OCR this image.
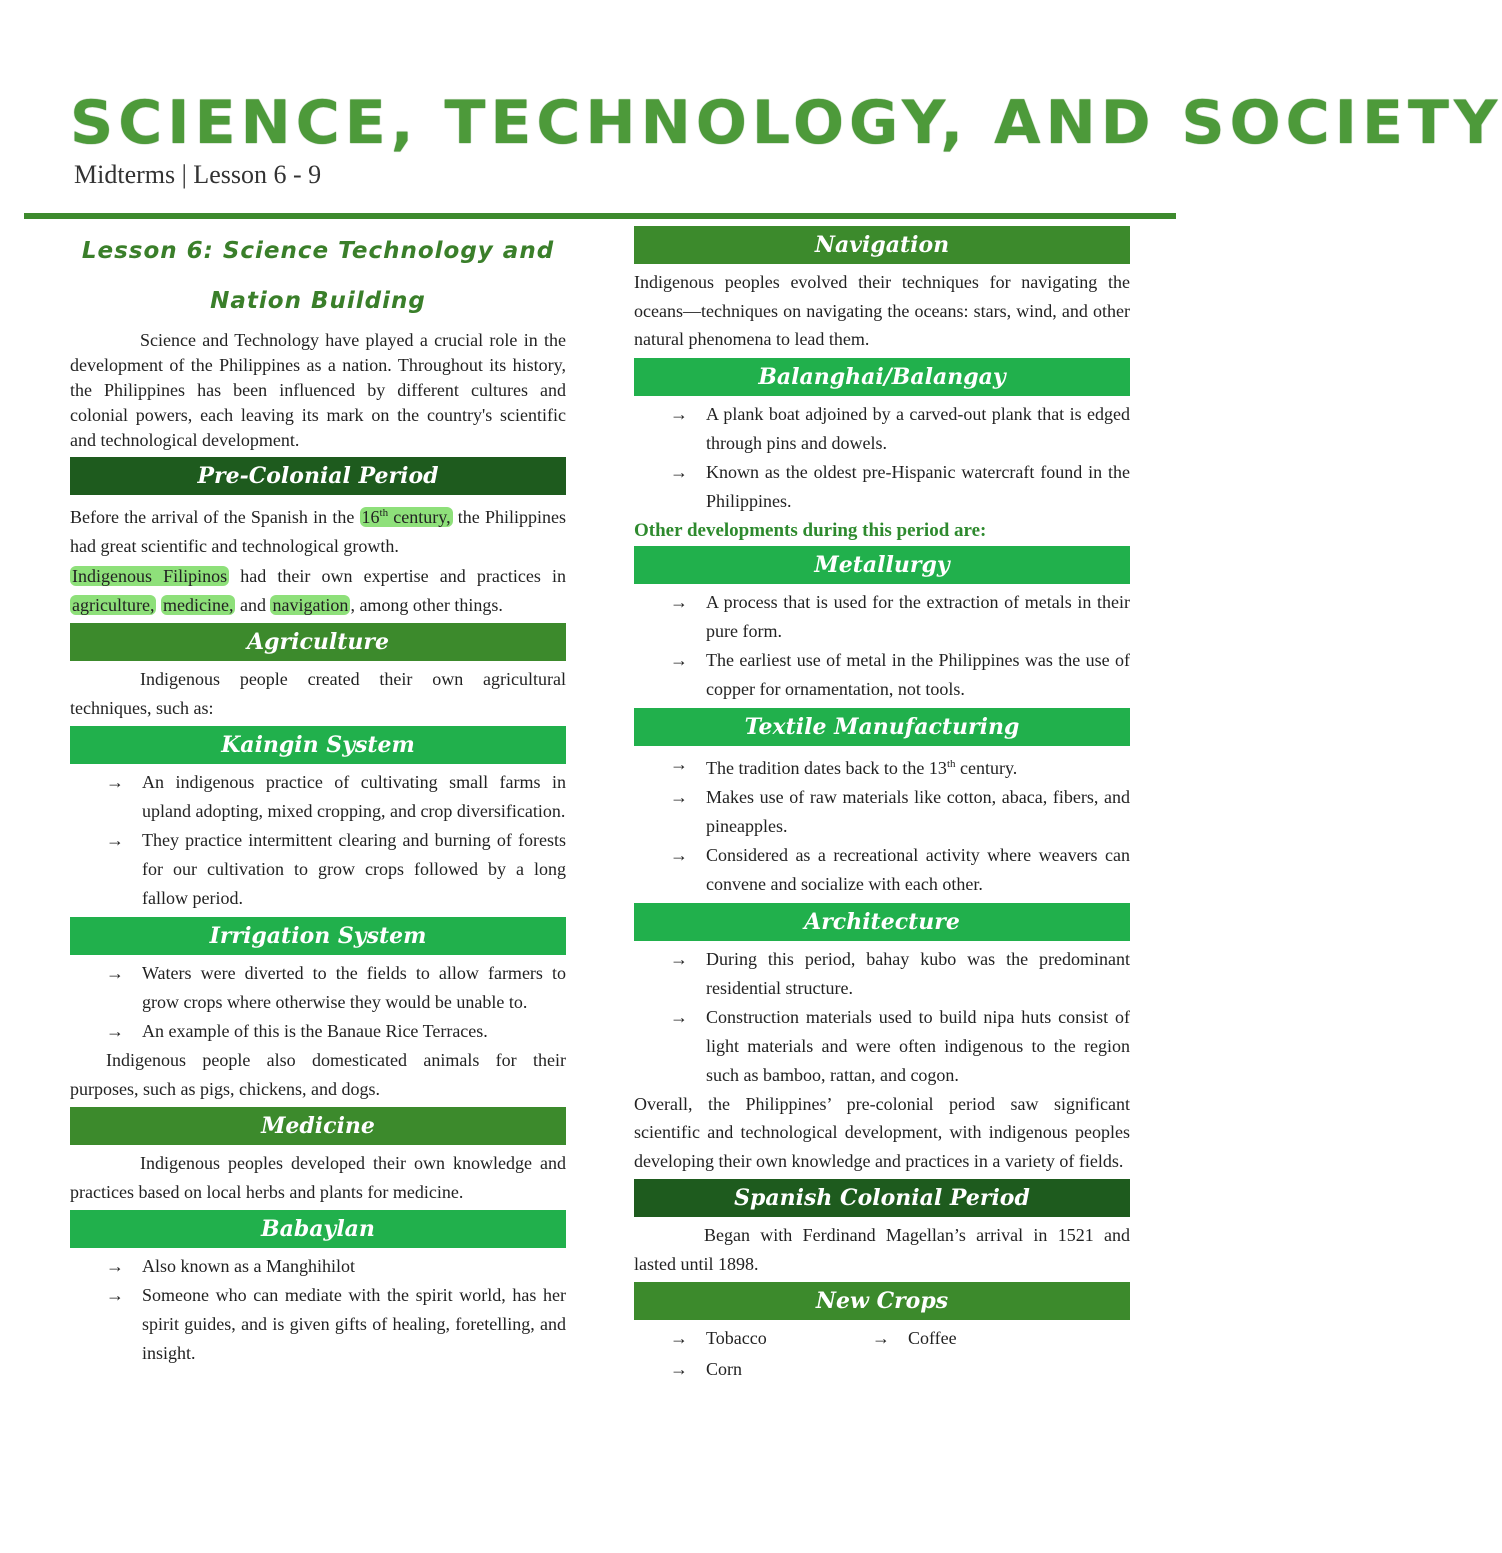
SCIENCE, TECHNOLOGY, AND SOCIETY
Midterms | Lesson 6 - 9
Lesson 6: Science Technology and
Nation Building

Science and Technology have played a crucial role in the development of the Philippines as a nation. Throughout its history, the Philippines has been influenced by different cultures and colonial powers, each leaving its mark on the country's scientific and technological development.

Pre-Colonial Period

Before the arrival of the Spanish in the 16th century, the Philippines had great scientific and technological growth.

Indigenous Filipinos had their own expertise and practices in agriculture, medicine, and navigation , among other things.

Agriculture

Indigenous people created their own agricultural techniques, such as:

Kaingin System
→ An indigenous practice of cultivating small farms in upland adopting, mixed cropping, and crop diversification.
→ They practice intermittent clearing and burning of forests for our cultivation to grow crops followed by a long fallow period.
Irrigation System
→ Waters were diverted to the fields to allow farmers to grow crops where otherwise they would be unable to.
→ An example of this is the Banaue Rice Terraces.

Indigenous people also domesticated animals for their purposes, such as pigs, chickens, and dogs.

Medicine

Indigenous peoples developed their own knowledge and practices based on local herbs and plants for medicine.

Babaylan
→ Also known as a Manghihilot
→ Someone who can mediate with the spirit world, has her spirit guides, and is given gifts of healing, foretelling, and insight.
Navigation

Indigenous peoples evolved their techniques for navigating the oceans—techniques on navigating the oceans: stars, wind, and other natural phenomena to lead them.

Balanghai/Balangay
→ A plank boat adjoined by a carved-out plank that is edged through pins and dowels.
→ Known as the oldest pre-Hispanic watercraft found in the Philippines.
Other developments during this period are:
Metallurgy
→ A process that is used for the extraction of metals in their pure form.
→ The earliest use of metal in the Philippines was the use of copper for ornamentation, not tools.
Textile Manufacturing
→ The tradition dates back to the 13th century.
→ Makes use of raw materials like cotton, abaca, fibers, and pineapples.
→ Considered as a recreational activity where weavers can convene and socialize with each other.
Architecture
→ During this period, bahay kubo was the predominant residential structure.
→ Construction materials used to build nipa huts consist of light materials and were often indigenous to the region such as bamboo, rattan, and cogon.

Overall, the Philippines’ pre-colonial period saw significant scientific and technological development, with indigenous peoples developing their own knowledge and practices in a variety of fields.

Spanish Colonial Period

Began with Ferdinand Magellan’s arrival in 1521 and lasted until 1898.

New Crops
→ Tobacco	→ Coffee
→ Corn
